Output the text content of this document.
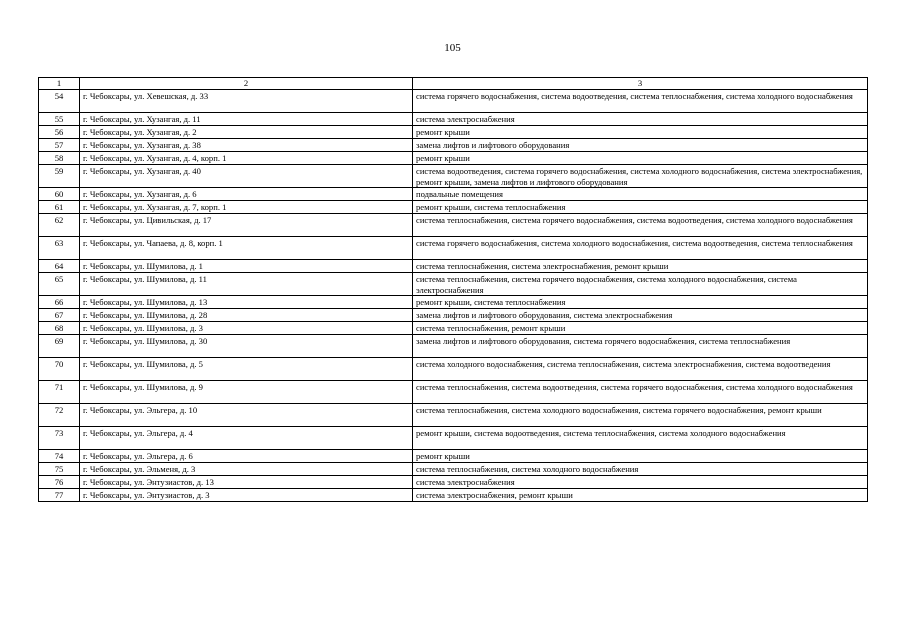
105
1	2	3
54	г. Чебоксары, ул. Хевешская, д. 33	система горячего водоснабжения, система водоотведения, система теплоснабжения, система холодного водоснабжения
55	г. Чебоксары, ул. Хузангая, д. 11	система электроснабжения
56	г. Чебоксары, ул. Хузангая, д. 2	ремонт крыши
57	г. Чебоксары, ул. Хузангая, д. 38	замена лифтов и лифтового оборудования
58	г. Чебоксары, ул. Хузангая, д. 4, корп. 1	ремонт крыши
59	г. Чебоксары, ул. Хузангая, д. 40	система водоотведения, система горячего водоснабжения, система холодного водоснабжения, система электроснабжения, ремонт крыши, замена лифтов и лифтового оборудования
60	г. Чебоксары, ул. Хузангая, д. 6	подвальные помещения
61	г. Чебоксары, ул. Хузангая, д. 7, корп. 1	ремонт крыши, система теплоснабжения
62	г. Чебоксары, ул. Цивильская, д. 17	система теплоснабжения, система горячего водоснабжения, система водоотведения, система холодного водоснабжения
63	г. Чебоксары, ул. Чапаева, д. 8, корп. 1	система горячего водоснабжения, система холодного водоснабжения, система водоотведения, система теплоснабжения
64	г. Чебоксары, ул. Шумилова, д. 1	система теплоснабжения, система электроснабжения, ремонт крыши
65	г. Чебоксары, ул. Шумилова, д. 11	система теплоснабжения, система горячего водоснабжения, система холодного водоснабжения, система электроснабжения
66	г. Чебоксары, ул. Шумилова, д. 13	ремонт крыши, система теплоснабжения
67	г. Чебоксары, ул. Шумилова, д. 28	замена лифтов и лифтового оборудования, система электроснабжения
68	г. Чебоксары, ул. Шумилова, д. 3	система теплоснабжения, ремонт крыши
69	г. Чебоксары, ул. Шумилова, д. 30	замена лифтов и лифтового оборудования, система горячего водоснабжения, система теплоснабжения
70	г. Чебоксары, ул. Шумилова, д. 5	система холодного водоснабжения, система теплоснабжения, система электроснабжения, система водоотведения
71	г. Чебоксары, ул. Шумилова, д. 9	система теплоснабжения, система водоотведения, система горячего водоснабжения, система холодного водоснабжения
72	г. Чебоксары, ул. Эльгера, д. 10	система теплоснабжения, система холодного водоснабжения, система горячего водоснабжения, ремонт крыши
73	г. Чебоксары, ул. Эльгера, д. 4	ремонт крыши, система водоотведения, система теплоснабжения, система холодного водоснабжения
74	г. Чебоксары, ул. Эльгера, д. 6	ремонт крыши
75	г. Чебоксары, ул. Эльменя, д. 3	система теплоснабжения, система холодного водоснабжения
76	г. Чебоксары, ул. Энтузиастов, д. 13	система электроснабжения
77	г. Чебоксары, ул. Энтузиастов, д. 3	система электроснабжения, ремонт крыши
